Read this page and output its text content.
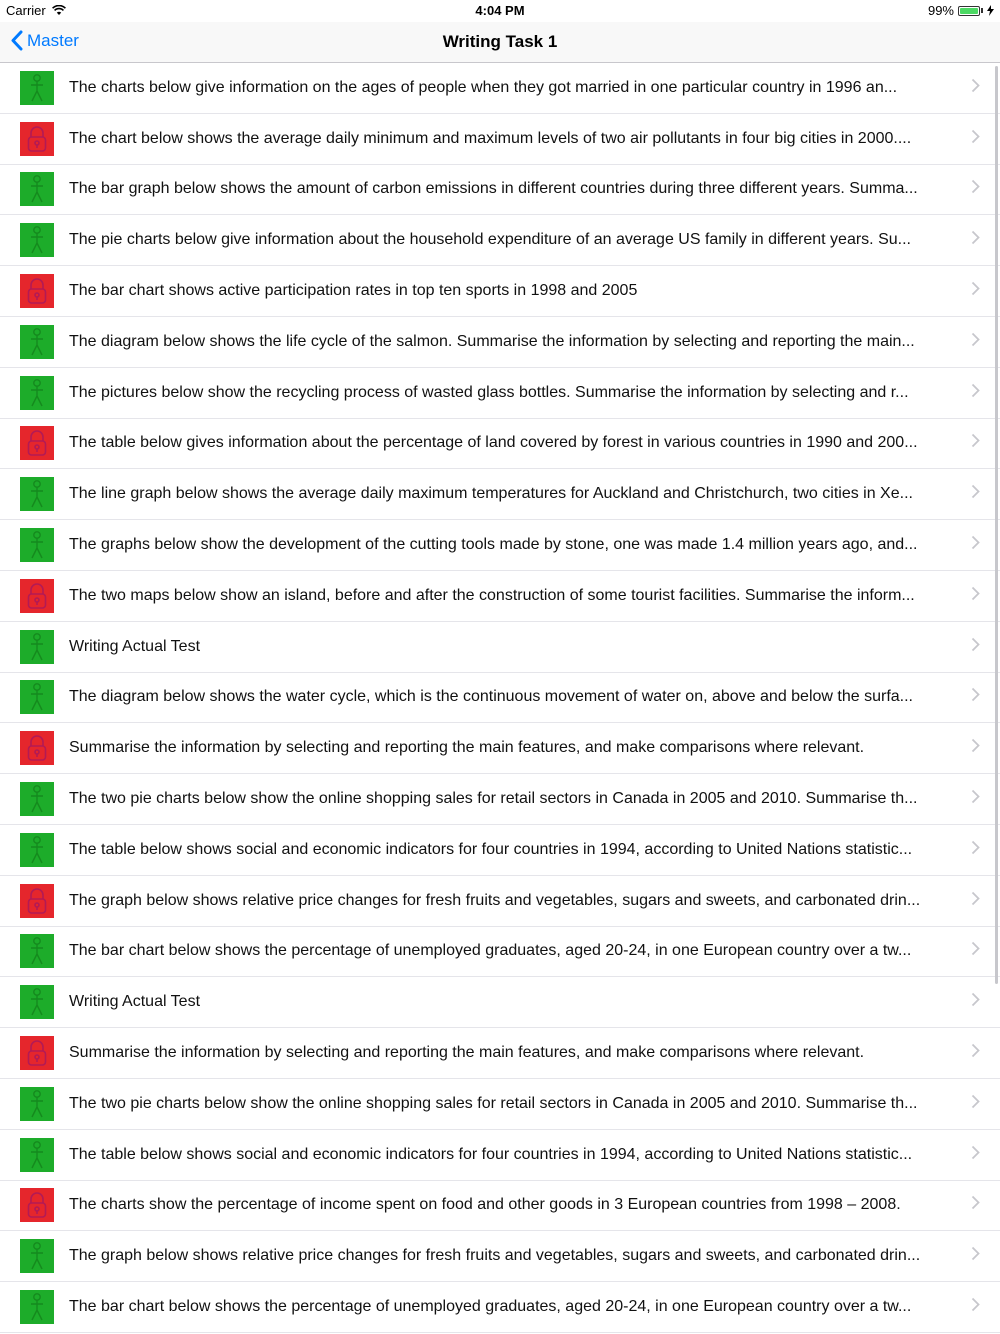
Carrier	4:04 PM	99%
Master	Writing Task 1
The charts below give information on the ages of people when they got married in one particular country in 1996 an...
The chart below shows the average daily minimum and maximum levels of two air pollutants in four big cities in 2000....
The bar graph below shows the amount of carbon emissions in different countries during three different years. Summa...
The pie charts below give information about the household expenditure of an average US family in different years. Su...
The bar chart shows active participation rates in top ten sports in 1998 and 2005
The diagram below shows the life cycle of the salmon. Summarise the information by selecting and reporting the main...
The pictures below show the recycling process of wasted glass bottles. Summarise the information by selecting and r...
The table below gives information about the percentage of land covered by forest in various countries in 1990 and 200...
The line graph below shows the average daily maximum temperatures for Auckland and Christchurch, two cities in Xe...
The graphs below show the development of the cutting tools made by stone, one was made 1.4 million years ago, and...
The two maps below show an island, before and after the construction of some tourist facilities. Summarise the inform...
Writing Actual Test
The diagram below shows the water cycle, which is the continuous movement of water on, above and below the surfa...
Summarise the information by selecting and reporting the main features, and make comparisons where relevant.
The two pie charts below show the online shopping sales for retail sectors in Canada in 2005 and 2010. Summarise th...
The table below shows social and economic indicators for four countries in 1994, according to United Nations statistic...
The graph below shows relative price changes for fresh fruits and vegetables, sugars and sweets, and carbonated drin...
The bar chart below shows the percentage of unemployed graduates, aged 20-24, in one European country over a tw...
Writing Actual Test
Summarise the information by selecting and reporting the main features, and make comparisons where relevant.
The two pie charts below show the online shopping sales for retail sectors in Canada in 2005 and 2010. Summarise th...
The table below shows social and economic indicators for four countries in 1994, according to United Nations statistic...
The charts show the percentage of income spent on food and other goods in 3 European countries from 1998 – 2008.
The graph below shows relative price changes for fresh fruits and vegetables, sugars and sweets, and carbonated drin...
The bar chart below shows the percentage of unemployed graduates, aged 20-24, in one European country over a tw...
